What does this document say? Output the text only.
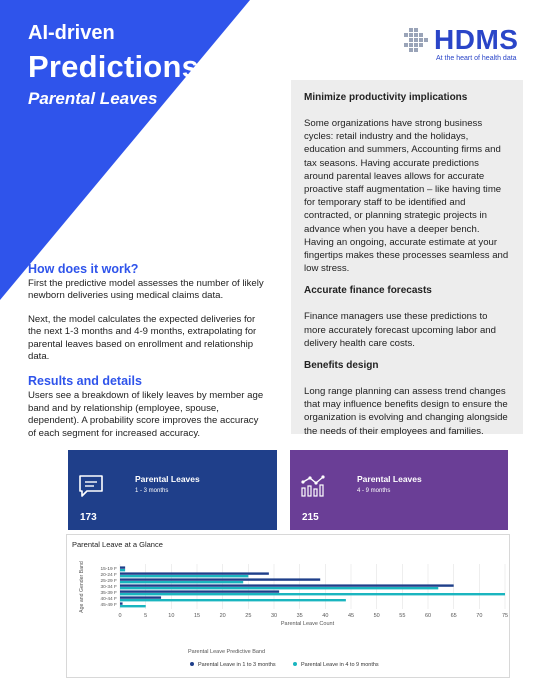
AI-driven
Predictions
Parental Leaves
HDMS
At the heart of health data
Minimize productivity implications

Some organizations have strong business cycles: retail industry and the holidays, education and summers, Accounting firms and tax seasons. Having accurate predictions around parental leaves allows for accurate proactive staff augmentation – like having time for temporary staff to be identified and contracted, or planning strategic projects in advance when you have a deeper bench. Having an ongoing, accurate estimate at your fingertips makes these processes seamless and low stress.

Accurate finance forecasts

Finance managers use these predictions to more accurately forecast upcoming labor and delivery health care costs.

Benefits design

Long range planning can assess trend changes that may influence benefits design to ensure the organization is evolving and changing alongside the needs of their employees and families.

How does it work?

First the predictive model assesses the number of likely newborn deliveries using medical claims data.

Next, the model calculates the expected deliveries for the next 1-3 months and 4-9 months, extrapolating for parental leaves based on enrollment and relationship data.

Results and details

Users see a breakdown of likely leaves by member age band and by relationship (employee, spouse, dependent). A probability score improves the accuracy of each segment for increased accuracy.

Parental Leaves
1 - 3 months
173
Parental Leaves
4 - 9 months
215
Parental Leave at a Glance
0	5	10	15	20	25	30	35	40	45	50	55	60	65	70	75
15-19 F
20-24 F
25-29 F
30-34 F
35-39 F
40-44 F
45-49 F
Parental Leave Count
Age and Gender Band
Parental Leave Predictive Band
Parental Leave in 1 to 3 months	Parental Leave in 4 to 9 months
